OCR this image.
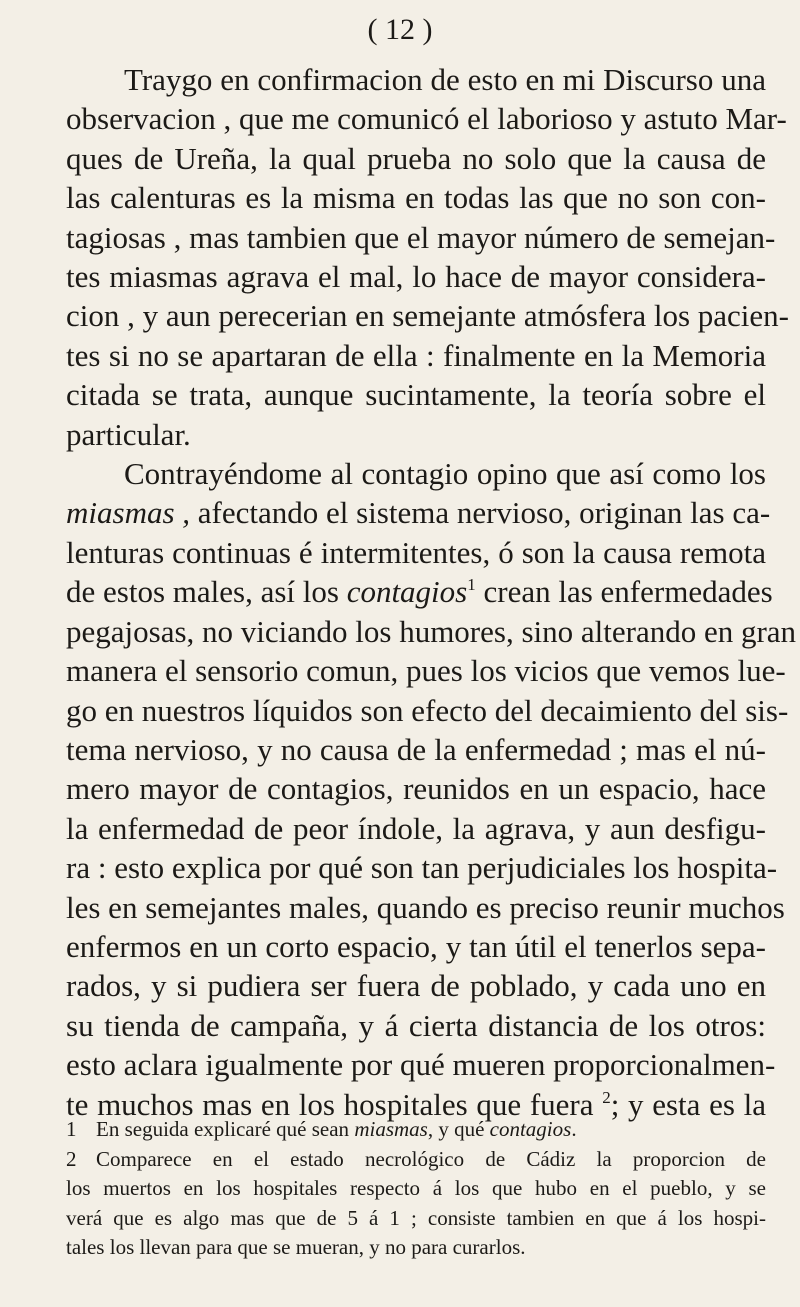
( 12 )
Traygo en confirmacion de esto en mi Discurso una
observacion , que me comunicó el laborioso y astuto Mar-
ques de Ureña, la qual prueba no solo que la causa de
las calenturas es la misma en todas las que no son con-
tagiosas , mas tambien que el mayor número de semejan-
tes miasmas agrava el mal, lo hace de mayor considera-
cion , y aun perecerian en semejante atmósfera los pacien-
tes si no se apartaran de ella : finalmente en la Memoria
citada se trata, aunque sucintamente, la teoría sobre el
particular.
Contrayéndome al contagio opino que así como los
miasmas , afectando el sistema nervioso, originan las ca-
lenturas continuas é intermitentes, ó son la causa remota
de estos males, así los contagios$^1$ crean las enfermedades
pegajosas, no viciando los humores, sino alterando en gran
manera el sensorio comun, pues los vicios que vemos lue-
go en nuestros líquidos son efecto del decaimiento del sis-
tema nervioso, y no causa de la enfermedad ; mas el nú-
mero mayor de contagios, reunidos en un espacio, hace
la enfermedad de peor índole, la agrava, y aun desfigu-
ra : esto explica por qué son tan perjudiciales los hospita-
les en semejantes males, quando es preciso reunir muchos
enfermos en un corto espacio, y tan útil el tenerlos sepa-
rados, y si pudiera ser fuera de poblado, y cada uno en
su tienda de campaña, y á cierta distancia de los otros:
esto aclara igualmente por qué mueren proporcionalmen-
te muchos mas en los hospitales que fuera $^2$; y esta es la
1 En seguida explicaré qué sean miasmas, y qué contagios.
2 Comparece en el estado necrológico de Cádiz la proporcion de
los muertos en los hospitales respecto á los que hubo en el pueblo, y se
verá que es algo mas que de 5 á 1 ; consiste tambien en que á los hospi-
tales los llevan para que se mueran, y no para curarlos.
